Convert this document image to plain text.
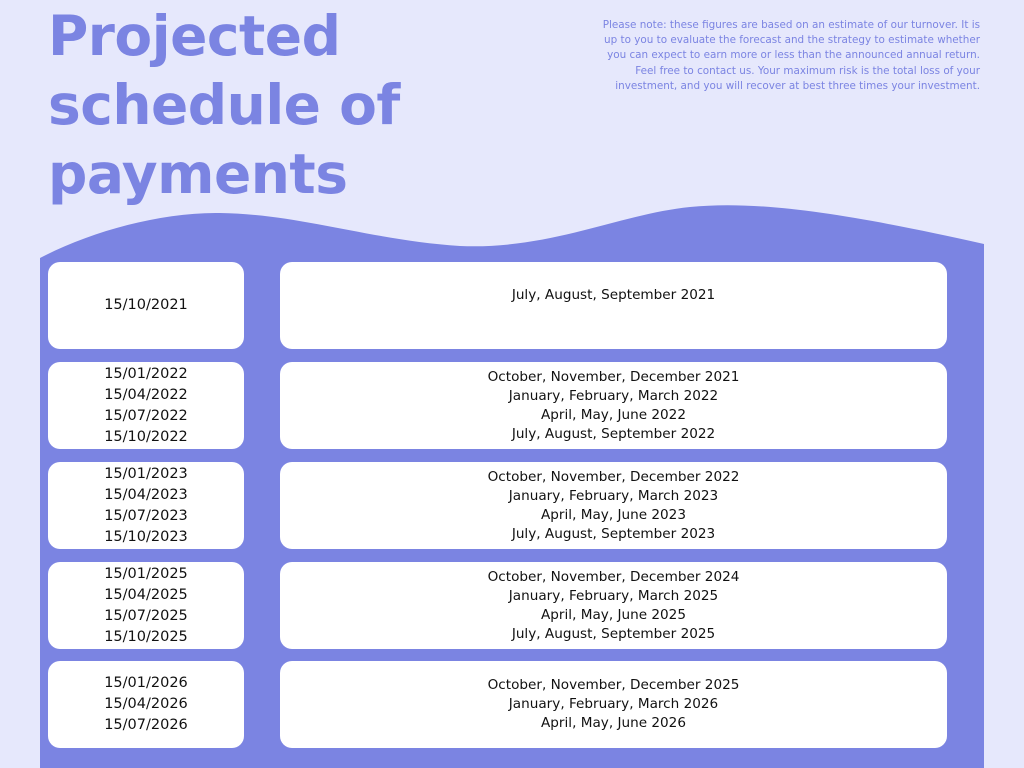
Projected
schedule of
payments

Please note: these figures are based on an estimate of our turnover. It is up to you to evaluate the forecast and the strategy to estimate whether you can expect to earn more or less than the announced annual return. Feel free to contact us. Your maximum risk is the total loss of your investment, and you will recover at best three times your investment.

15/10/2021
July, August, September 2021
15/01/2022
15/04/2022
15/07/2022
15/10/2022
October, November, December 2021
January, February, March 2022
April, May, June 2022
July, August, September 2022
15/01/2023
15/04/2023
15/07/2023
15/10/2023
October, November, December 2022
January, February, March 2023
April, May, June 2023
July, August, September 2023
15/01/2025
15/04/2025
15/07/2025
15/10/2025
October, November, December 2024
January, February, March 2025
April, May, June 2025
July, August, September 2025
15/01/2026
15/04/2026
15/07/2026
October, November, December 2025
January, February, March 2026
April, May, June 2026
